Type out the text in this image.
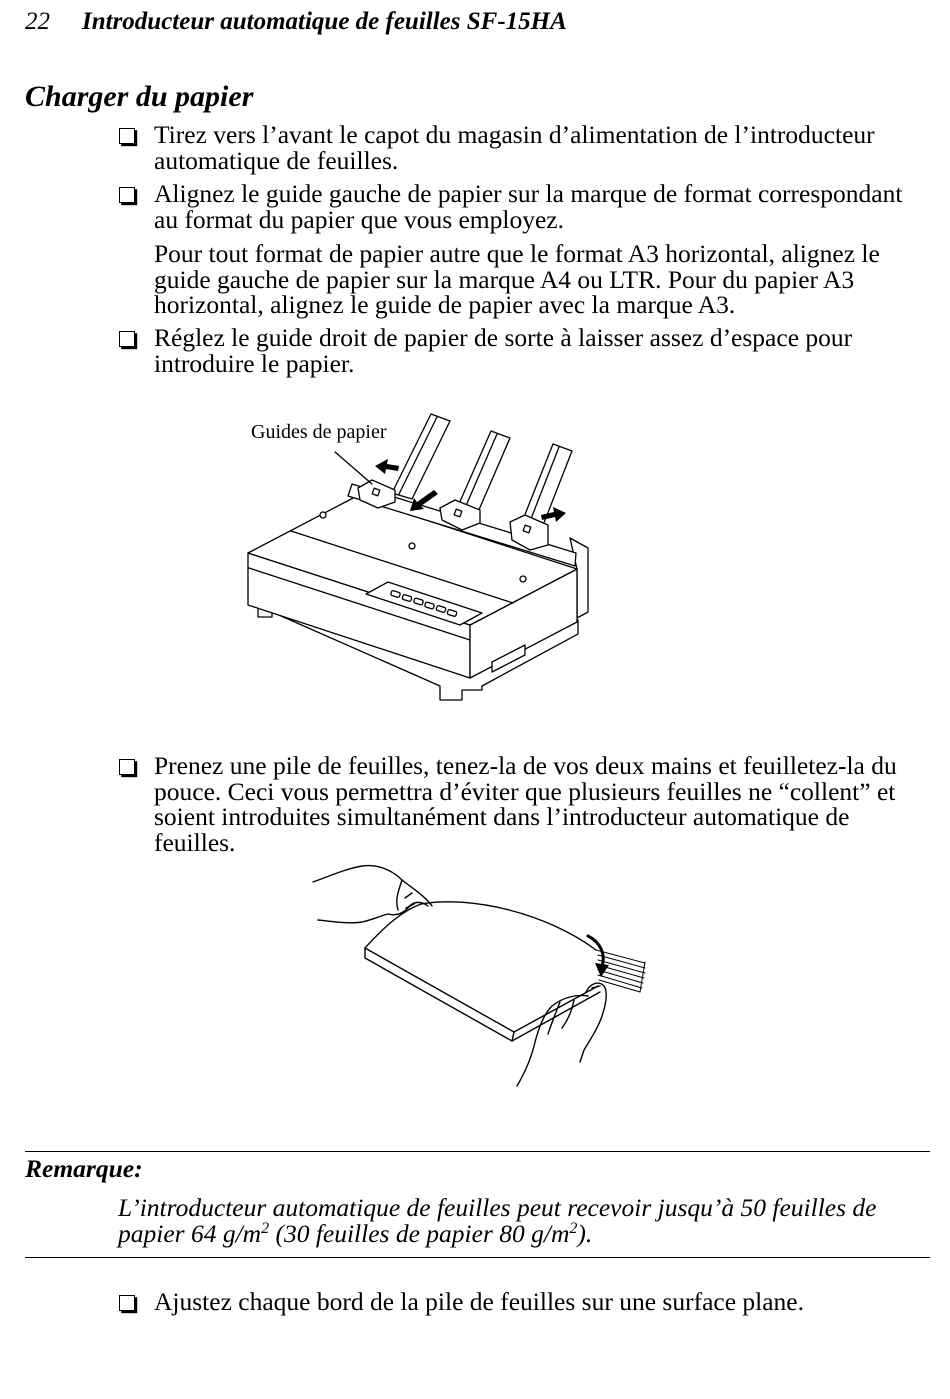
22 Introducteur automatique de feuilles SF-15HA
Charger du papier
Tirez vers l’avant le capot du magasin d’alimentation de l’introducteur
automatique de feuilles.
Alignez le guide gauche de papier sur la marque de format correspondant
au format du papier que vous employez.
Pour tout format de papier autre que le format A3 horizontal, alignez le
guide gauche de papier sur la marque A4 ou LTR. Pour du papier A3
horizontal, alignez le guide de papier avec la marque A3.
Réglez le guide droit de papier de sorte à laisser assez d’espace pour
introduire le papier.
Guides de papier
Prenez une pile de feuilles, tenez-la de vos deux mains et feuilletez-la du
pouce. Ceci vous permettra d’éviter que plusieurs feuilles ne “collent” et
soient introduites simultanément dans l’introducteur automatique de
feuilles.
Remarque:
L’introducteur automatique de feuilles peut recevoir jusqu’à 50 feuilles de
papier 64 $g/m^2$ (30 feuilles de papier 80 $g/m^2$).
Ajustez chaque bord de la pile de feuilles sur une surface plane.
